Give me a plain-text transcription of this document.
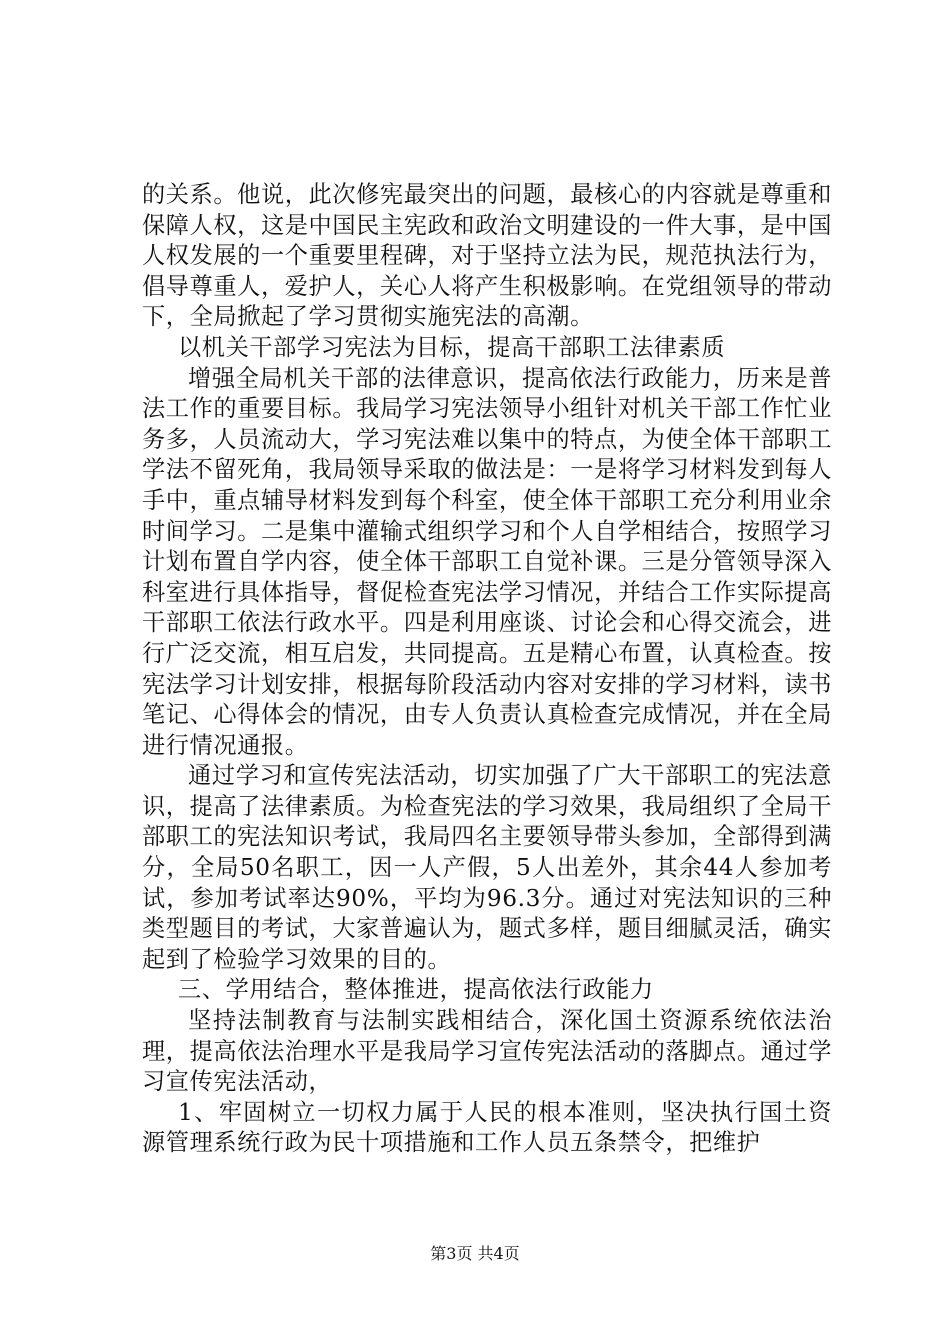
的关系。他说，此次修宪最突出的问题，最核心的内容就是尊重和保障人权，这是中国民主宪政和政治文明建设的一件大事，是中国人权发展的一个重要里程碑，对于坚持立法为民，规范执法行为，倡导尊重人，爱护人，关心人将产生积极影响。在党组领导的带动下，全局掀起了学习贯彻实施宪法的高潮。

以机关干部学习宪法为目标，提高干部职工法律素质

增强全局机关干部的法律意识，提高依法行政能力，历来是普法工作的重要目标。我局学习宪法领导小组针对机关干部工作忙业务多，人员流动大，学习宪法难以集中的特点，为使全体干部职工学法不留死角，我局领导采取的做法是：一是将学习材料发到每人手中，重点辅导材料发到每个科室，使全体干部职工充分利用业余时间学习。二是集中灌输式组织学习和个人自学相结合，按照学习计划布置自学内容，使全体干部职工自觉补课。三是分管领导深入科室进行具体指导，督促检查宪法学习情况，并结合工作实际提高干部职工依法行政水平。四是利用座谈、讨论会和心得交流会，进行广泛交流，相互启发，共同提高。五是精心布置，认真检查。按宪法学习计划安排，根据每阶段活动内容对安排的学习材料，读书笔记、心得体会的情况，由专人负责认真检查完成情况，并在全局进行情况通报。

通过学习和宣传宪法活动，切实加强了广大干部职工的宪法意识，提高了法律素质。为检查宪法的学习效果，我局组织了全局干部职工的宪法知识考试，我局四名主要领导带头参加，全部得到满分，全局50名职工，因一人产假，5人出差外，其余44人参加考试，参加考试率达90%，平均为96.3分。通过对宪法知识的三种类型题目的考试，大家普遍认为，题式多样，题目细腻灵活，确实起到了检验学习效果的目的。

三、学用结合，整体推进，提高依法行政能力

坚持法制教育与法制实践相结合，深化国土资源系统依法治理，提高依法治理水平是我局学习宣传宪法活动的落脚点。通过学习宣传宪法活动，

1、牢固树立一切权力属于人民的根本准则，坚决执行国土资源管理系统行政为民十项措施和工作人员五条禁令，把维护

第3页 共4页
